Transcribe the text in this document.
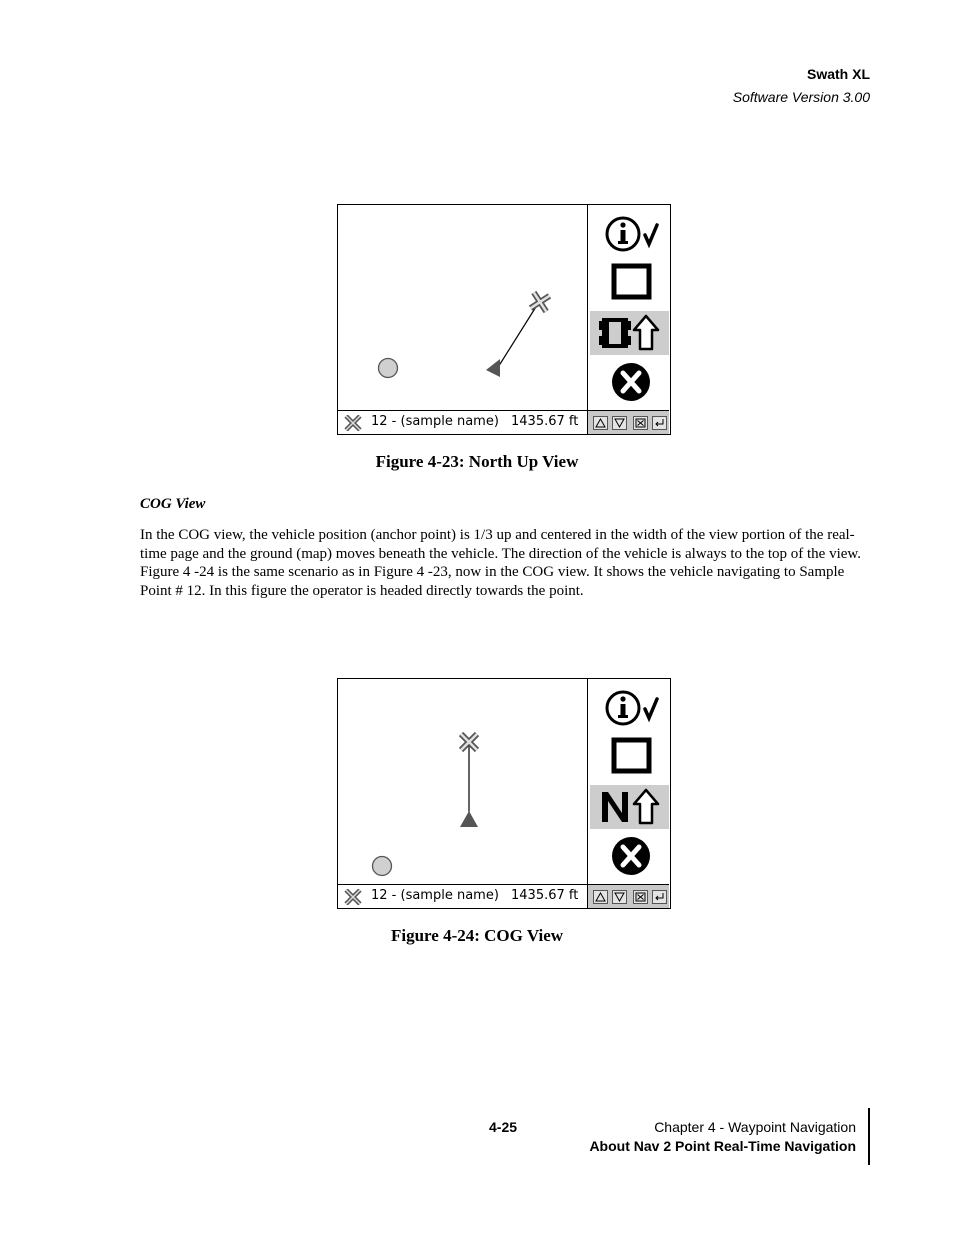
Swath XL
Software Version 3.00
12 - (sample name) 1435.67 ft
Figure 4-23: North Up View
COG View
In the COG view, the vehicle position (anchor point) is 1/3 up and centered in the width of the view portion of the real-time page and the ground (map) moves beneath the vehicle. The direction of the vehicle is always to the top of the view. Figure 4 -24 is the same scenario as in Figure 4 -23, now in the COG view. It shows the vehicle navigating to Sample Point # 12. In this figure the operator is headed directly towards the point.
12 - (sample name) 1435.67 ft
Figure 4-24: COG View
4-25	Chapter 4 - Waypoint Navigation
About Nav 2 Point Real-Time Navigation
